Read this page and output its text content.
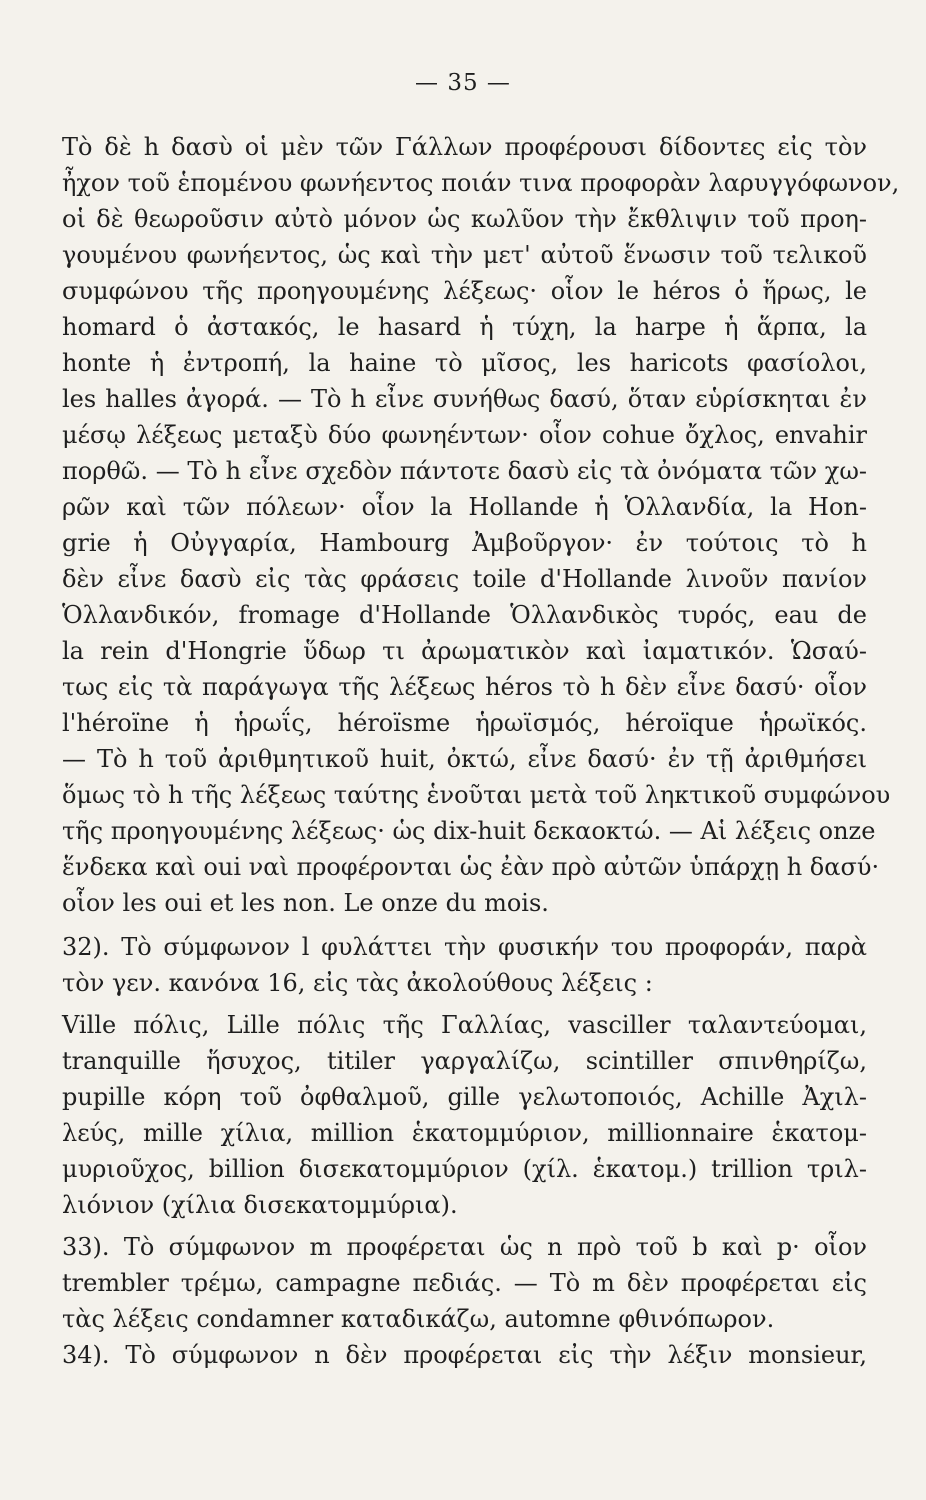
— 35 —
Τὸ δὲ h δασὺ οἱ μὲν τῶν Γάλλων προφέρουσι δίδοντες εἰς τὸν
ἦχον τοῦ ἑπομένου φωνήεντος ποιάν τινα προφορὰν λαρυγγόφωνον,
οἱ δὲ θεωροῦσιν αὐτὸ μόνον ὡς κωλῦον τὴν ἔκθλιψιν τοῦ προη-
γουμένου φωνήεντος, ὡς καὶ τὴν μετ' αὐτοῦ ἕνωσιν τοῦ τελικοῦ
συμφώνου τῆς προηγουμένης λέξεως· οἷον le héros ὁ ἥρως, le
homard ὁ ἀστακός, le hasard ἡ τύχη, la harpe ἡ ἅρπα, la
honte ἡ ἐντροπή, la haine τὸ μῖσος, les haricots φασίολοι,
les halles ἀγορά. — Τὸ h εἶνε συνήθως δασύ, ὅταν εὑρίσκηται ἐν
μέσῳ λέξεως μεταξὺ δύο φωνηέντων· οἷον cohue ὄχλος, envahir
πορθῶ. — Τὸ h εἶνε σχεδὸν πάντοτε δασὺ εἰς τὰ ὀνόματα τῶν χω-
ρῶν καὶ τῶν πόλεων· οἷον la Hollande ἡ Ὁλλανδία, la Hon-
grie ἡ Οὐγγαρία, Hambourg Ἀμβοῦργον· ἐν τούτοις τὸ h
δὲν εἶνε δασὺ εἰς τὰς φράσεις toile d'Hollande λινοῦν πανίον
Ὁλλανδικόν, fromage d'Hollande Ὁλλανδικὸς τυρός, eau de
la rein d'Hongrie ὕδωρ τι ἀρωματικὸν καὶ ἰαματικόν. Ὡσαύ-
τως εἰς τὰ παράγωγα τῆς λέξεως héros τὸ h δὲν εἶνε δασύ· οἷον
l'héroïne ἡ ἡρωΐς, héroïsme ἡρωϊσμός, héroïque ἡρωϊκός.
— Τὸ h τοῦ ἀριθμητικοῦ huit, ὀκτώ, εἶνε δασύ· ἐν τῇ ἀριθμήσει
ὅμως τὸ h τῆς λέξεως ταύτης ἑνοῦται μετὰ τοῦ ληκτικοῦ συμφώνου
τῆς προηγουμένης λέξεως· ὡς dix-huit δεκαοκτώ. — Αἱ λέξεις onze
ἕνδεκα καὶ oui ναὶ προφέρονται ὡς ἐὰν πρὸ αὐτῶν ὑπάρχῃ h δασύ·
οἷον les oui et les non. Le onze du mois.
32). Τὸ σύμφωνον l φυλάττει τὴν φυσικήν του προφοράν, παρὰ
τὸν γεν. κανόνα 16, εἰς τὰς ἀκολούθους λέξεις :
Ville πόλις, Lille πόλις τῆς Γαλλίας, vasciller ταλαντεύομαι,
tranquille ἥσυχος, titiler γαργαλίζω, scintiller σπινθηρίζω,
pupille κόρη τοῦ ὀφθαλμοῦ, gille γελωτοποιός, Achille Ἀχιλ-
λεύς, mille χίλια, million ἑκατομμύριον, millionnaire ἑκατομ-
μυριοῦχος, billion δισεκατομμύριον (χίλ. ἑκατομ.) trillion τριλ-
λιόνιον (χίλια δισεκατομμύρια).
33). Τὸ σύμφωνον m προφέρεται ὡς n πρὸ τοῦ b καὶ p· οἷον
trembler τρέμω, campagne πεδιάς. — Τὸ m δὲν προφέρεται εἰς
τὰς λέξεις condamner καταδικάζω, automne φθινόπωρον.
34). Τὸ σύμφωνον n δὲν προφέρεται εἰς τὴν λέξιν monsieur,
